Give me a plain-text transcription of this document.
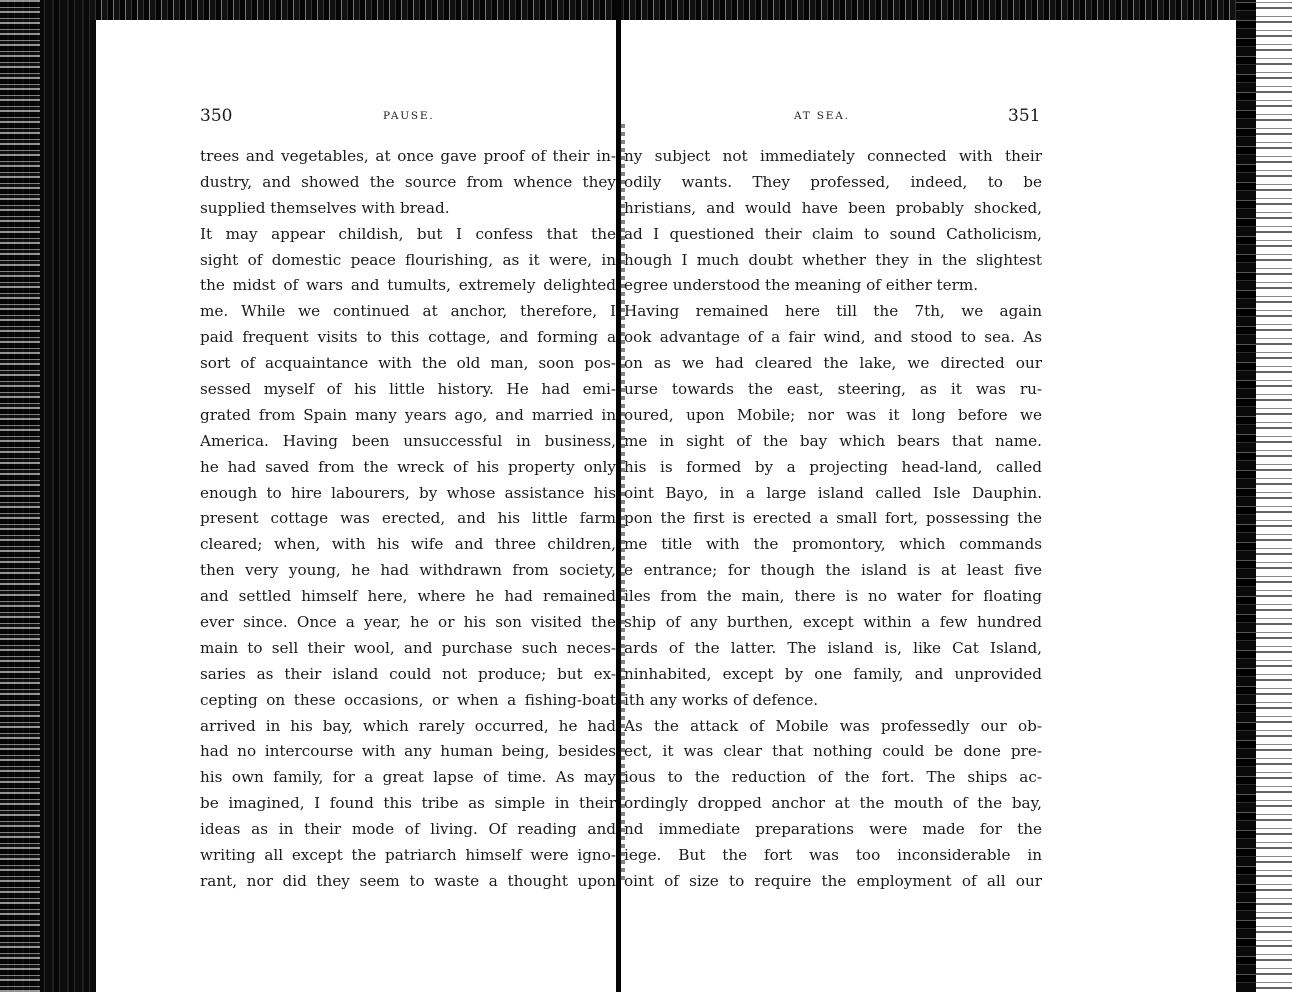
350	PAUSE.
trees and vegetables, at once gave proof of their in-
dustry, and showed the source from whence they
supplied themselves with bread.
It may appear childish, but I confess that the
sight of domestic peace flourishing, as it were, in
the midst of wars and tumults, extremely delighted
me. While we continued at anchor, therefore, I
paid frequent visits to this cottage, and forming a
sort of acquaintance with the old man, soon pos-
sessed myself of his little history. He had emi-
grated from Spain many years ago, and married in
America. Having been unsuccessful in business,
he had saved from the wreck of his property only
enough to hire labourers, by whose assistance his
present cottage was erected, and his little farm
cleared; when, with his wife and three children,
then very young, he had withdrawn from society,
and settled himself here, where he had remained
ever since. Once a year, he or his son visited the
main to sell their wool, and purchase such neces-
saries as their island could not produce; but ex-
cepting on these occasions, or when a fishing-boat
arrived in his bay, which rarely occurred, he had
had no intercourse with any human being, besides
his own family, for a great lapse of time. As may
be imagined, I found this tribe as simple in their
ideas as in their mode of living. Of reading and
writing all except the patriarch himself were igno-
rant, nor did they seem to waste a thought upon
AT SEA.	351
ny subject not immediately connected with their
odily wants. They professed, indeed, to be
hristians, and would have been probably shocked,
ad I questioned their claim to sound Catholicism,
hough I much doubt whether they in the slightest
egree understood the meaning of either term.
Having remained here till the 7th, we again
ook advantage of a fair wind, and stood to sea. As
on as we had cleared the lake, we directed our
urse towards the east, steering, as it was ru-
oured, upon Mobile; nor was it long before we
me in sight of the bay which bears that name.
his is formed by a projecting head-land, called
oint Bayo, in a large island called Isle Dauphin.
pon the first is erected a small fort, possessing the
me title with the promontory, which commands
e entrance; for though the island is at least five
iles from the main, there is no water for floating
ship of any burthen, except within a few hundred
ards of the latter. The island is, like Cat Island,
ninhabited, except by one family, and unprovided
ith any works of defence.
As the attack of Mobile was professedly our ob-
ect, it was clear that nothing could be done pre-
ious to the reduction of the fort. The ships ac-
ordingly dropped anchor at the mouth of the bay,
nd immediate preparations were made for the
iege. But the fort was too inconsiderable in
oint of size to require the employment of all our
